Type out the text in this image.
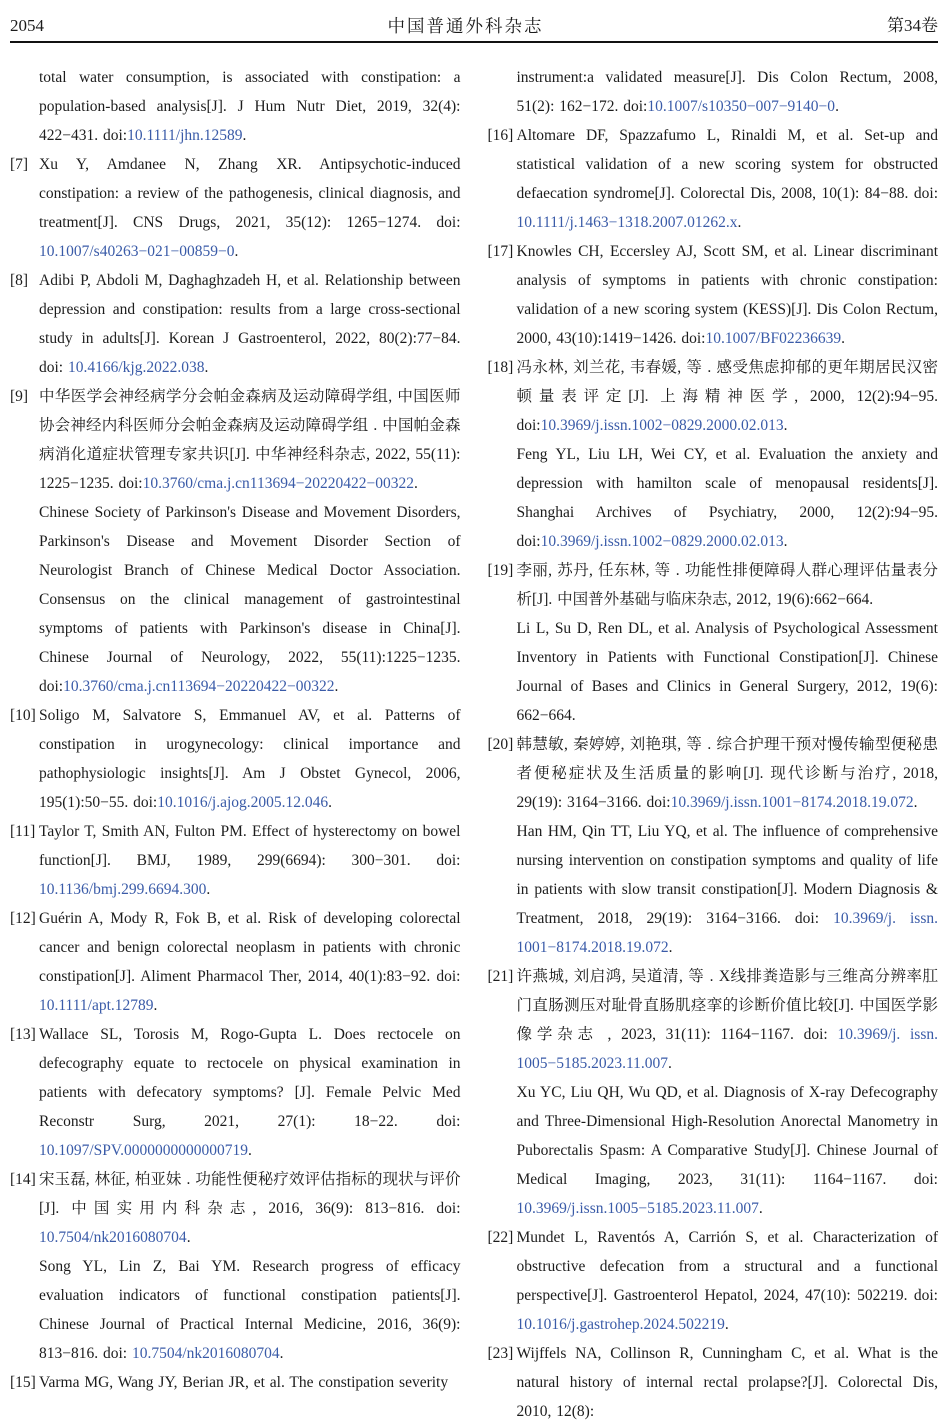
2054	中国普通外科杂志	第34卷
total water consumption, is associated with constipation: a population-based analysis[J]. J Hum Nutr Diet, 2019, 32(4): 422−431. doi:10.1111/jhn.12589.
[7] Xu Y, Amdanee N, Zhang XR. Antipsychotic-induced constipation: a review of the pathogenesis, clinical diagnosis, and treatment[J]. CNS Drugs, 2021, 35(12): 1265−1274. doi: 10.1007/s40263−021−00859−0.
[8] Adibi P, Abdoli M, Daghaghzadeh H, et al. Relationship between depression and constipation: results from a large cross-sectional study in adults[J]. Korean J Gastroenterol, 2022, 80(2):77−84. doi: 10.4166/kjg.2022.038.
[9] 中华医学会神经病学分会帕金森病及运动障碍学组, 中国医师协会神经内科医师分会帕金森病及运动障碍学组 . 中国帕金森病消化道症状管理专家共识[J]. 中华神经科杂志, 2022, 55(11): 1225−1235. doi:10.3760/cma.j.cn113694−20220422−00322.
Chinese Society of Parkinson's Disease and Movement Disorders, Parkinson's Disease and Movement Disorder Section of Neurologist Branch of Chinese Medical Doctor Association. Consensus on the clinical management of gastrointestinal symptoms of patients with Parkinson's disease in China[J]. Chinese Journal of Neurology, 2022, 55(11):1225−1235. doi:10.3760/cma.j.cn113694−20220422−00322.
[10] Soligo M, Salvatore S, Emmanuel AV, et al. Patterns of constipation in urogynecology: clinical importance and pathophysiologic insights[J]. Am J Obstet Gynecol, 2006, 195(1):50−55. doi:10.1016/j.ajog.2005.12.046.
[11] Taylor T, Smith AN, Fulton PM. Effect of hysterectomy on bowel function[J]. BMJ, 1989, 299(6694): 300−301. doi: 10.1136/bmj.299.6694.300.
[12] Guérin A, Mody R, Fok B, et al. Risk of developing colorectal cancer and benign colorectal neoplasm in patients with chronic constipation[J]. Aliment Pharmacol Ther, 2014, 40(1):83−92. doi: 10.1111/apt.12789.
[13] Wallace SL, Torosis M, Rogo-Gupta L. Does rectocele on defecography equate to rectocele on physical examination in patients with defecatory symptoms? [J]. Female Pelvic Med Reconstr Surg, 2021, 27(1): 18−22. doi: 10.1097/SPV.0000000000000719.
[14] 宋玉磊, 林征, 柏亚妹 . 功能性便秘疗效评估指标的现状与评价 [J]. 中国实用内科杂志, 2016, 36(9): 813−816. doi: 10.7504/nk2016080704.
Song YL, Lin Z, Bai YM. Research progress of efficacy evaluation indicators of functional constipation patients[J]. Chinese Journal of Practical Internal Medicine, 2016, 36(9): 813−816. doi: 10.7504/nk2016080704.
[15] Varma MG, Wang JY, Berian JR, et al. The constipation severity
instrument:a validated measure[J]. Dis Colon Rectum, 2008, 51(2): 162−172. doi:10.1007/s10350−007−9140−0.
[16] Altomare DF, Spazzafumo L, Rinaldi M, et al. Set-up and statistical validation of a new scoring system for obstructed defaecation syndrome[J]. Colorectal Dis, 2008, 10(1): 84−88. doi: 10.1111/j.1463−1318.2007.01262.x.
[17] Knowles CH, Eccersley AJ, Scott SM, et al. Linear discriminant analysis of symptoms in patients with chronic constipation: validation of a new scoring system (KESS)[J]. Dis Colon Rectum, 2000, 43(10):1419−1426. doi:10.1007/BF02236639.
[18] 冯永林, 刘兰花, 韦春媛, 等 . 感受焦虑抑郁的更年期居民汉密顿量表评定[J]. 上海精神医学, 2000, 12(2):94−95. doi:10.3969/j.issn.1002−0829.2000.02.013.
Feng YL, Liu LH, Wei CY, et al. Evaluation the anxiety and depression with hamilton scale of menopausal residents[J]. Shanghai Archives of Psychiatry, 2000, 12(2):94−95. doi:10.3969/j.issn.1002−0829.2000.02.013.
[19] 李丽, 苏丹, 任东林, 等 . 功能性排便障碍人群心理评估量表分析[J]. 中国普外基础与临床杂志, 2012, 19(6):662−664.
Li L, Su D, Ren DL, et al. Analysis of Psychological Assessment Inventory in Patients with Functional Constipation[J]. Chinese Journal of Bases and Clinics in General Surgery, 2012, 19(6): 662−664.
[20] 韩慧敏, 秦婷婷, 刘艳琪, 等 . 综合护理干预对慢传输型便秘患者便秘症状及生活质量的影响[J]. 现代诊断与治疗, 2018, 29(19): 3164−3166. doi:10.3969/j.issn.1001−8174.2018.19.072.
Han HM, Qin TT, Liu YQ, et al. The influence of comprehensive nursing intervention on constipation symptoms and quality of life in patients with slow transit constipation[J]. Modern Diagnosis & Treatment, 2018, 29(19): 3164−3166. doi: 10.3969/j. issn. 1001−8174.2018.19.072.
[21] 许燕城, 刘启鸿, 吴道清, 等 . X线排粪造影与三维高分辨率肛门直肠测压对耻骨直肠肌痉挛的诊断价值比较[J]. 中国医学影像学杂志 , 2023, 31(11): 1164−1167. doi: 10.3969/j. issn. 1005−5185.2023.11.007.
Xu YC, Liu QH, Wu QD, et al. Diagnosis of X-ray Defecography and Three-Dimensional High-Resolution Anorectal Manometry in Puborectalis Spasm: A Comparative Study[J]. Chinese Journal of Medical Imaging, 2023, 31(11): 1164−1167. doi: 10.3969/j.issn.1005−5185.2023.11.007.
[22] Mundet L, Raventós A, Carrión S, et al. Characterization of obstructive defecation from a structural and a functional perspective[J]. Gastroenterol Hepatol, 2024, 47(10): 502219. doi: 10.1016/j.gastrohep.2024.502219.
[23] Wijffels NA, Collinson R, Cunningham C, et al. What is the natural history of internal rectal prolapse?[J]. Colorectal Dis, 2010, 12(8):
